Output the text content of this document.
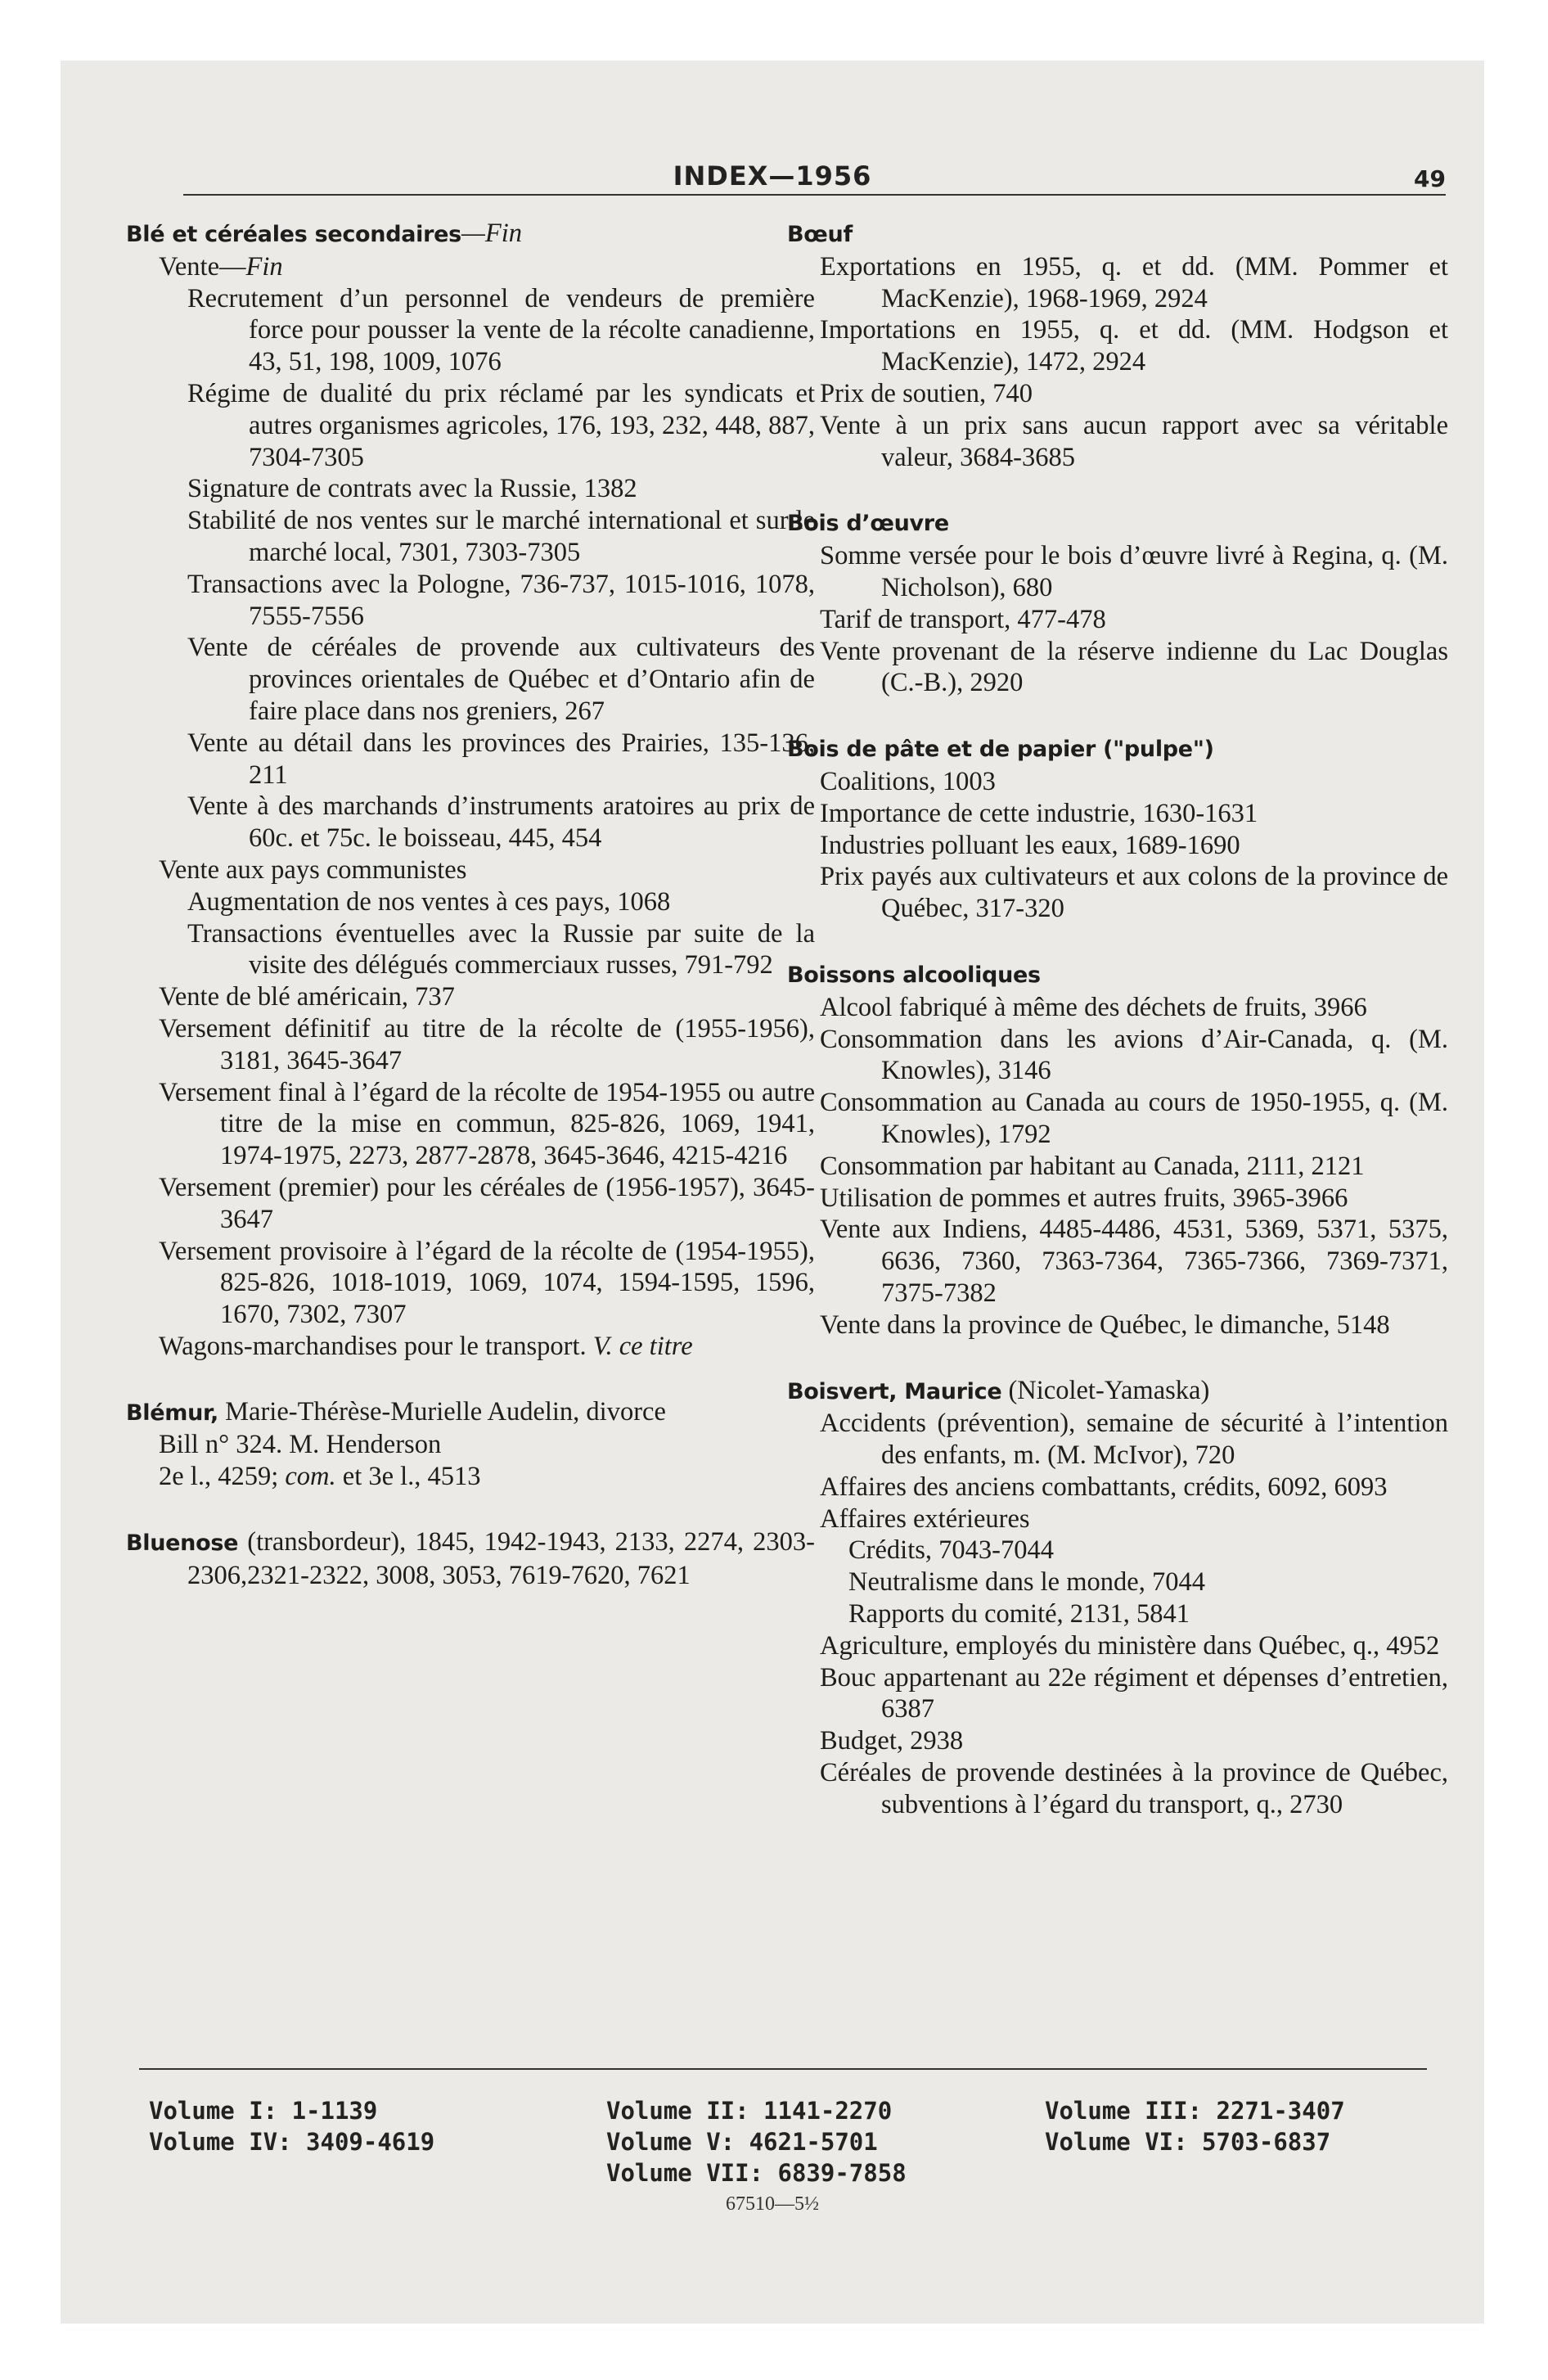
INDEX—1956	49
Blé et céréales secondaires—Fin
Vente—Fin
Recrutement d’un personnel de vendeurs de première force pour pousser la vente de la récolte canadienne, 43, 51, 198, 1009, 1076
Régime de dualité du prix réclamé par les syndicats et autres organismes agricoles, 176, 193, 232, 448, 887, 7304-7305
Signature de contrats avec la Russie, 1382
Stabilité de nos ventes sur le marché international et sur le marché local, 7301, 7303-7305
Transactions avec la Pologne, 736-737, 1015-1016, 1078, 7555-7556
Vente de céréales de provende aux cultivateurs des provinces orientales de Québec et d’Ontario afin de faire place dans nos greniers, 267
Vente au détail dans les provinces des Prairies, 135-136, 211
Vente à des marchands d’instruments aratoires au prix de 60c. et 75c. le boisseau, 445, 454
Vente aux pays communistes
Augmentation de nos ventes à ces pays, 1068
Transactions éventuelles avec la Russie par suite de la visite des délégués commerciaux russes, 791-792
Vente de blé américain, 737
Versement définitif au titre de la récolte de (1955-1956), 3181, 3645-3647
Versement final à l’égard de la récolte de 1954-1955 ou autre titre de la mise en commun, 825-826, 1069, 1941, 1974-1975, 2273, 2877-2878, 3645-3646, 4215-4216
Versement (premier) pour les céréales de (1956-1957), 3645-3647
Versement provisoire à l’égard de la récolte de (1954-1955), 825-826, 1018-1019, 1069, 1074, 1594-1595, 1596, 1670, 7302, 7307
Wagons-marchandises pour le transport. V. ce titre
Blémur, Marie-Thérèse-Murielle Audelin, divorce
Bill n° 324. M. Henderson
2e l., 4259; com. et 3e l., 4513
Bluenose (transbordeur), 1845, 1942-1943, 2133, 2274, 2303-2306,2321-2322, 3008, 3053, 7619-7620, 7621
Bœuf
Exportations en 1955, q. et dd. (MM. Pommer et MacKenzie), 1968-1969, 2924
Importations en 1955, q. et dd. (MM. Hodgson et MacKenzie), 1472, 2924
Prix de soutien, 740
Vente à un prix sans aucun rapport avec sa véritable valeur, 3684-3685
Bois d’œuvre
Somme versée pour le bois d’œuvre livré à Regina, q. (M. Nicholson), 680
Tarif de transport, 477-478
Vente provenant de la réserve indienne du Lac Douglas (C.-B.), 2920
Bois de pâte et de papier ("pulpe")
Coalitions, 1003
Importance de cette industrie, 1630-1631
Industries polluant les eaux, 1689-1690
Prix payés aux cultivateurs et aux colons de la province de Québec, 317-320
Boissons alcooliques
Alcool fabriqué à même des déchets de fruits, 3966
Consommation dans les avions d’Air-Canada, q. (M. Knowles), 3146
Consommation au Canada au cours de 1950-1955, q. (M. Knowles), 1792
Consommation par habitant au Canada, 2111, 2121
Utilisation de pommes et autres fruits, 3965-3966
Vente aux Indiens, 4485-4486, 4531, 5369, 5371, 5375, 6636, 7360, 7363-7364, 7365-7366, 7369-7371, 7375-7382
Vente dans la province de Québec, le dimanche, 5148
Boisvert, Maurice (Nicolet-Yamaska)
Accidents (prévention), semaine de sécurité à l’intention des enfants, m. (M. McIvor), 720
Affaires des anciens combattants, crédits, 6092, 6093
Affaires extérieures
Crédits, 7043-7044
Neutralisme dans le monde, 7044
Rapports du comité, 2131, 5841
Agriculture, employés du ministère dans Québec, q., 4952
Bouc appartenant au 22e régiment et dépenses d’entretien, 6387
Budget, 2938
Céréales de provende destinées à la province de Québec, subventions à l’égard du transport, q., 2730
Volume I: 1-1139
Volume IV: 3409-4619
Volume II: 1141-2270
Volume V: 4621-5701
Volume VII: 6839-7858
Volume III: 2271-3407
Volume VI: 5703-6837
67510—5½
